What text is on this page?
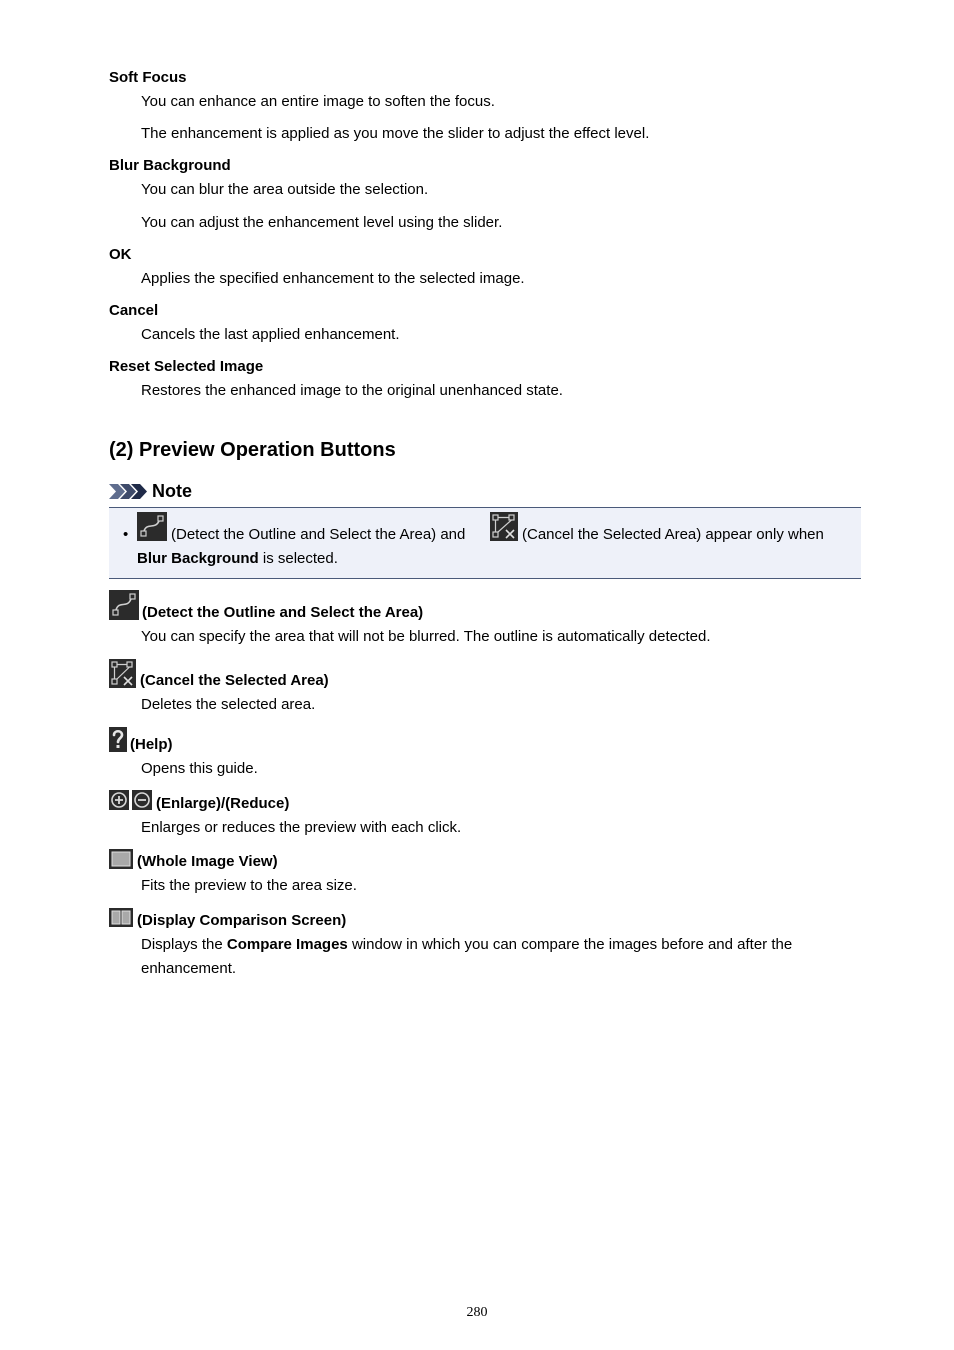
Soft Focus
You can enhance an entire image to soften the focus.
The enhancement is applied as you move the slider to adjust the effect level.
Blur Background
You can blur the area outside the selection.
You can adjust the enhancement level using the slider.
OK
Applies the specified enhancement to the selected image.
Cancel
Cancels the last applied enhancement.
Reset Selected Image
Restores the enhanced image to the original unenhanced state.
(2) Preview Operation Buttons
Note
•	(Detect the Outline and Select the Area) and	(Cancel the Selected Area) appear only when
Blur Background is selected.
(Detect the Outline and Select the Area)
You can specify the area that will not be blurred. The outline is automatically detected.
(Cancel the Selected Area)
Deletes the selected area.
(Help)
Opens this guide.
(Enlarge)/(Reduce)
Enlarges or reduces the preview with each click.
(Whole Image View)
Fits the preview to the area size.
(Display Comparison Screen)
Displays the Compare Images window in which you can compare the images before and after the
enhancement.
280
